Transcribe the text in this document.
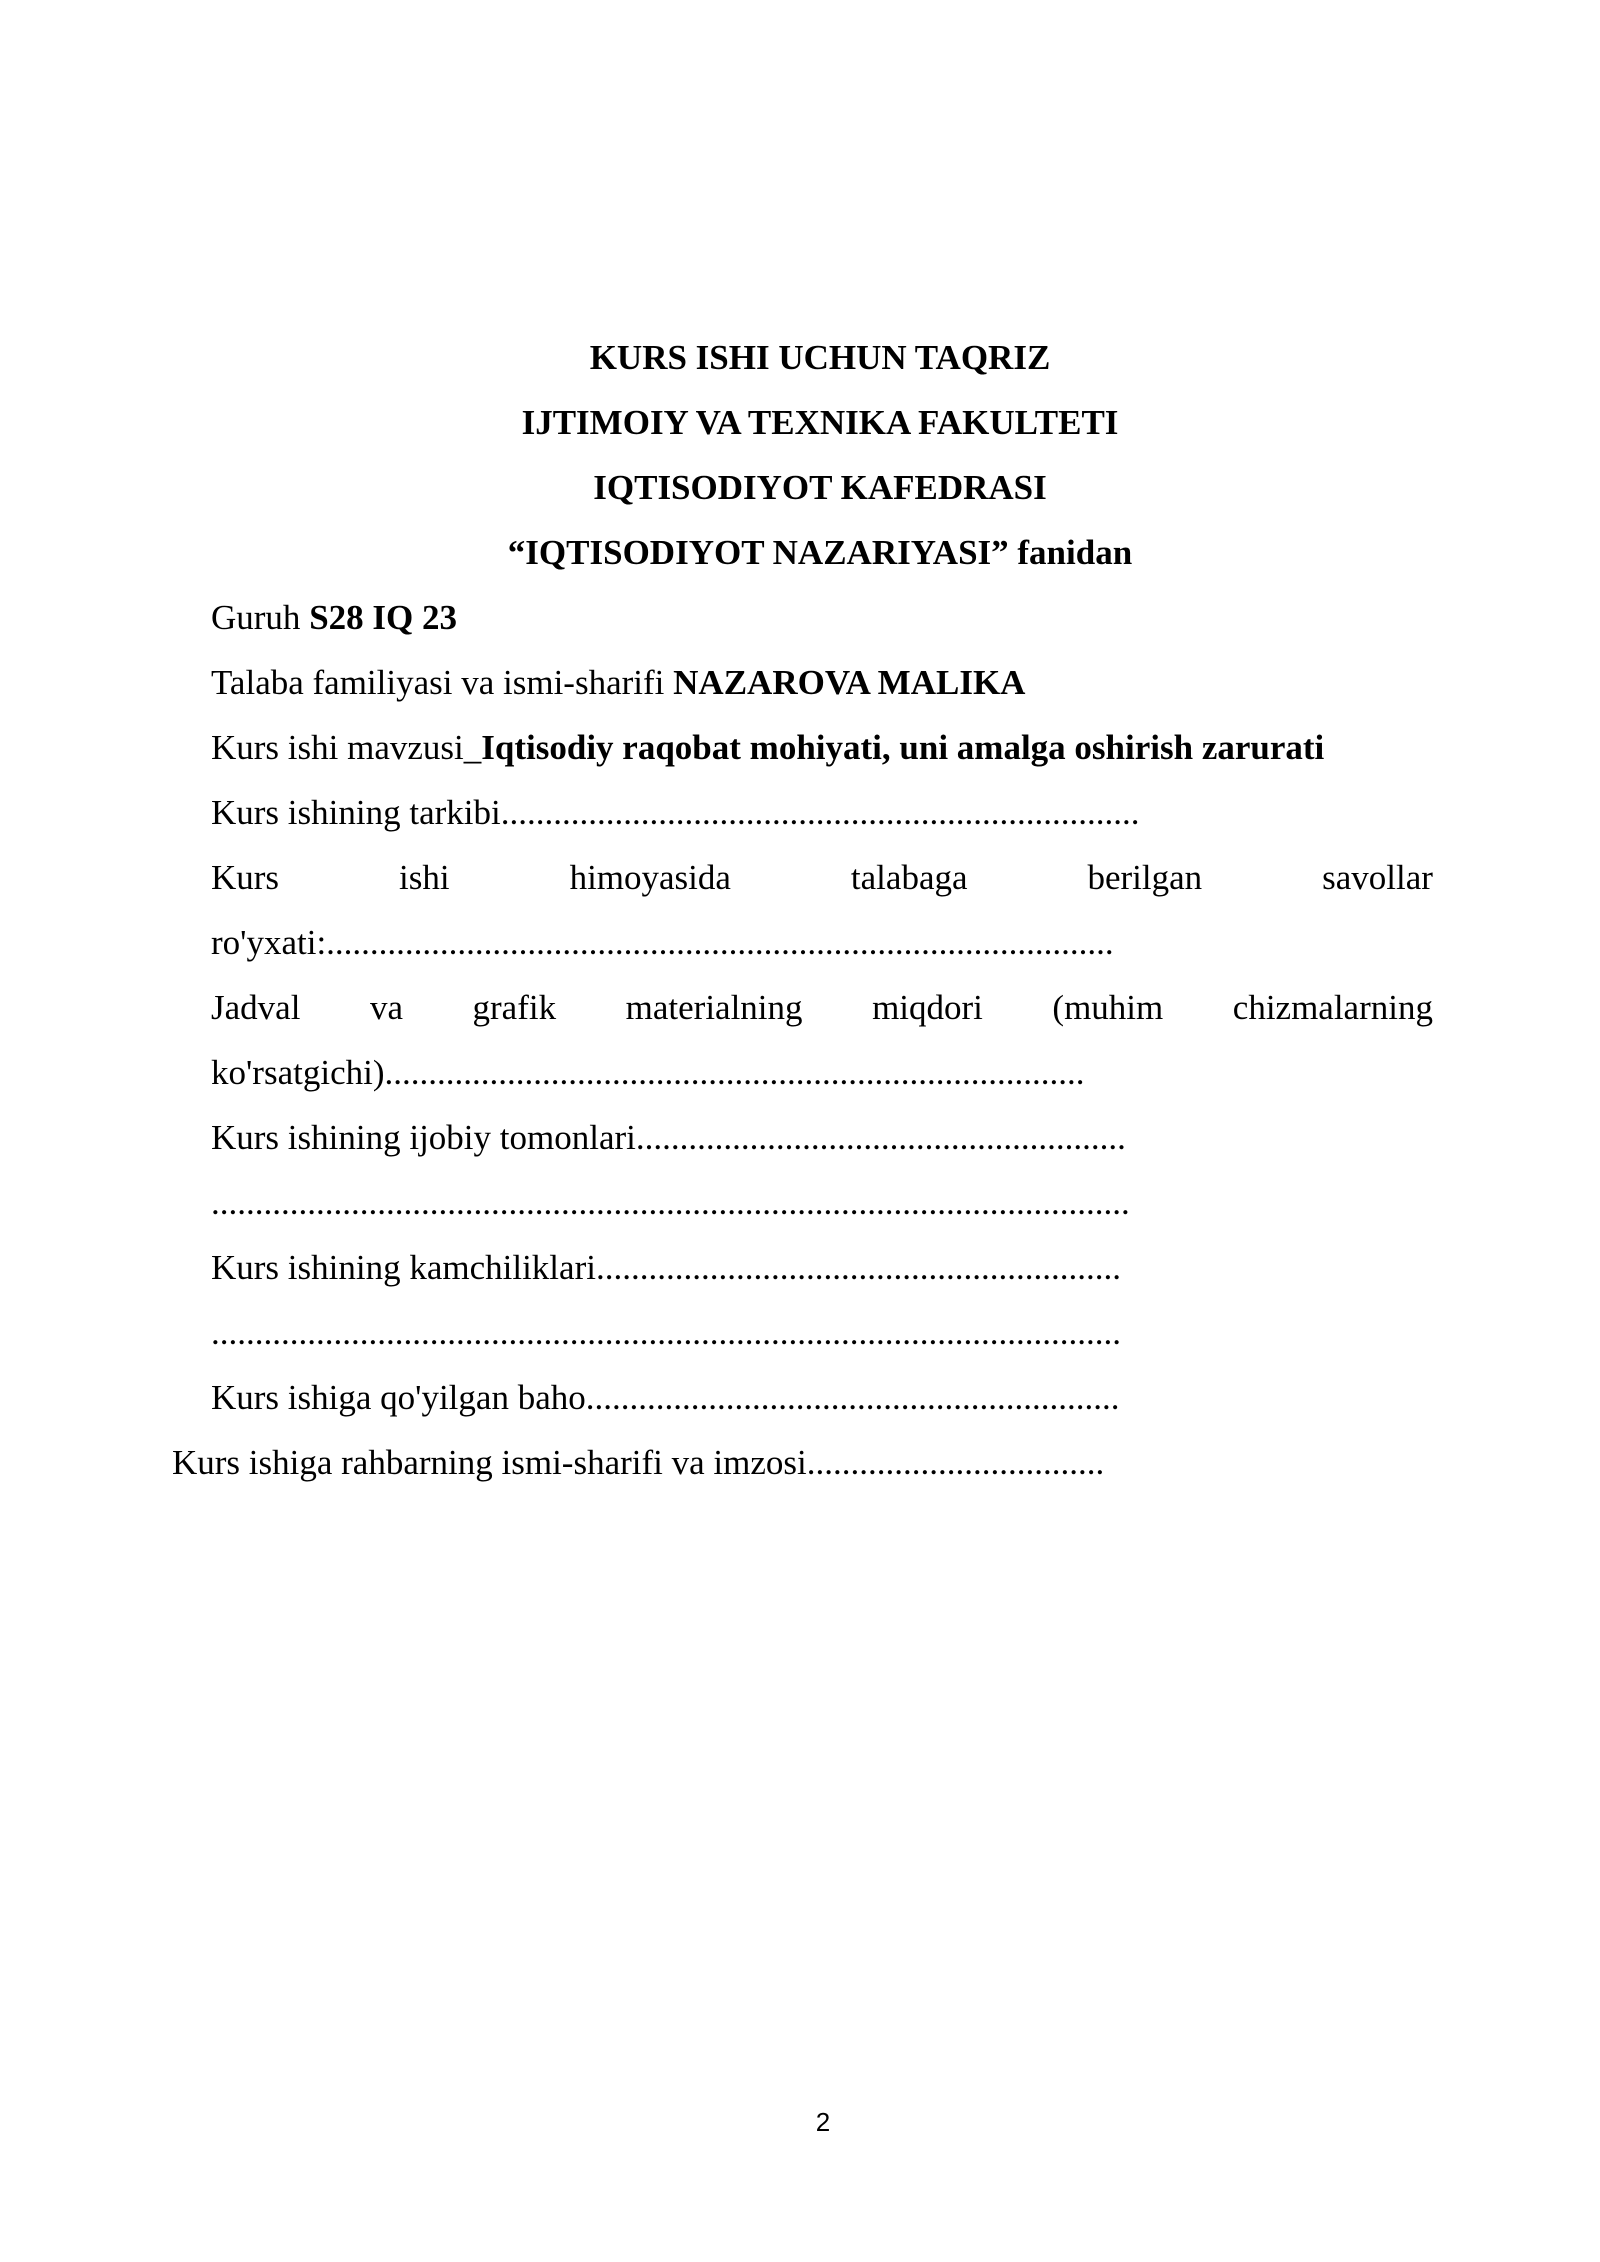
KURS ISHI UCHUN TAQRIZ
IJTIMOIY VA TEXNIKA FAKULTETI
IQTISODIYOT KAFEDRASI
“IQTISODIYOT NAZARIYASI” fanidan
Guruh S28 IQ 23
Talaba familiyasi va ismi-sharifi NAZAROVA MALIKA
Kurs ishi mavzusi_Iqtisodiy raqobat mohiyati, uni amalga oshirish zarurati
Kurs ishining tarkibi.........................................................................
Kurs	ishi	himoyasida	talabaga	berilgan	savollar
ro'yxati:..........................................................................................
Jadval va grafik materialning miqdori (muhim chizmalarning
ko'rsatgichi)................................................................................
Kurs ishining ijobiy tomonlari........................................................
.........................................................................................................
Kurs ishining kamchiliklari............................................................
........................................................................................................
Kurs ishiga qo'yilgan baho.............................................................
Kurs ishiga rahbarning ismi-sharifi va imzosi..................................
2
